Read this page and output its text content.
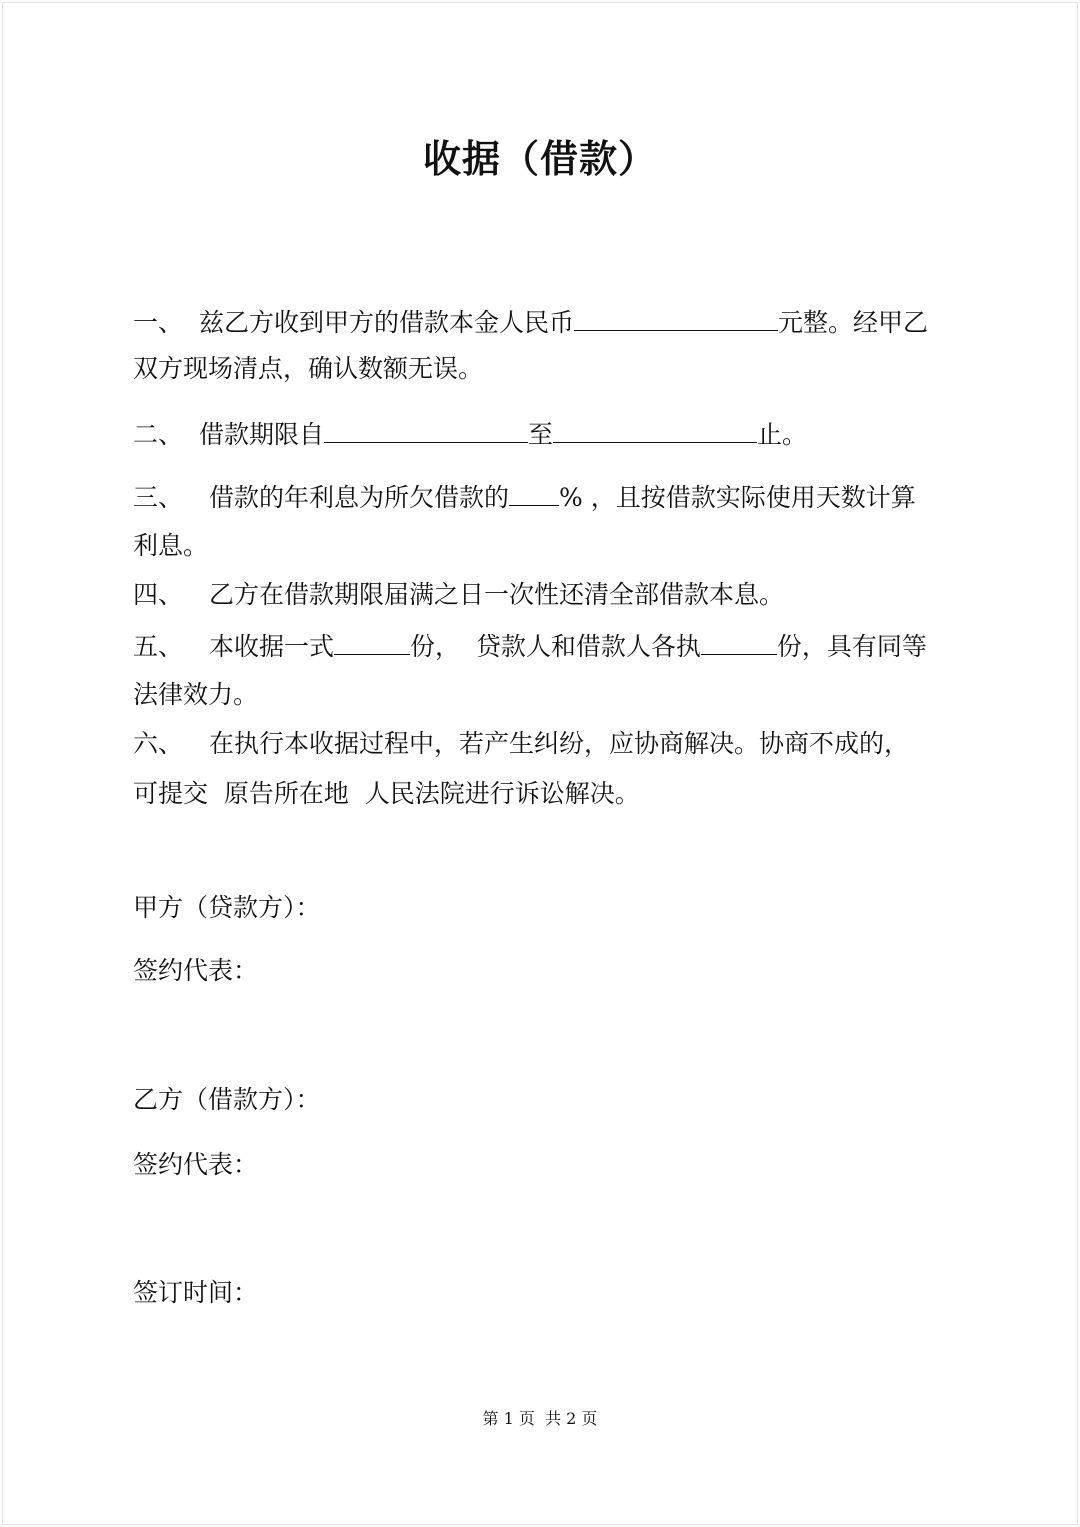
收据（借款）
一、 兹乙方收到甲方的借款本金人民币	元整。经甲乙
双方现场清点，确认数额无误。
二、 借款期限自	至	止。
三、 借款的年利息为所欠借款的 % ，且按借款实际使用天数计算
利息。
四、 乙方在借款期限届满之日一次性还清全部借款本息。
五、 本收据一式	份，  贷款人和借款人各执	份，具有同等
法律效力。
六、 在执行本收据过程中，若产生纠纷，应协商解决。协商不成的，
可提交  原告所在地  人民法院进行诉讼解决。
甲方（贷款方）：
签约代表：
乙方（借款方）：
签约代表：
签订时间：
第 1 页  共 2 页
